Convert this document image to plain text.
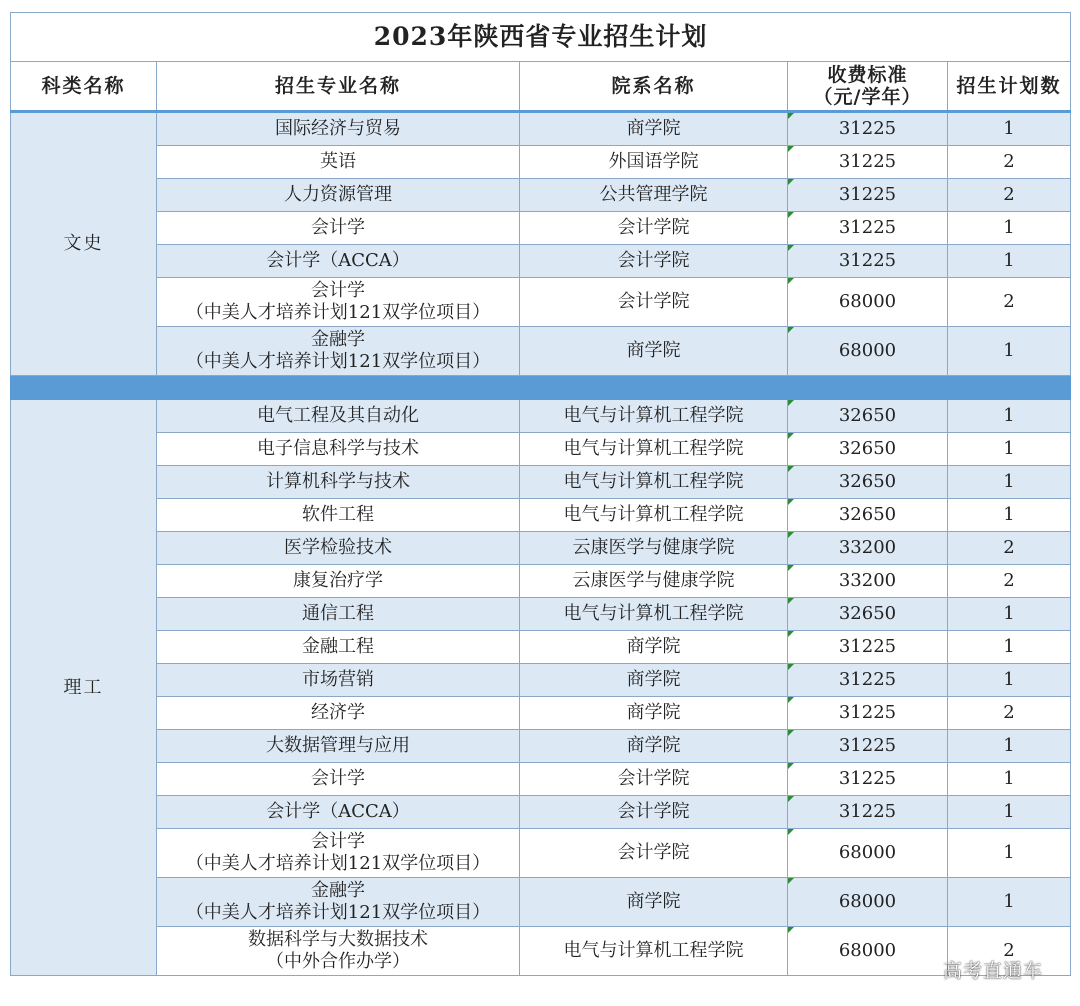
2023年陕西省专业招生计划				
科类名称	招生专业名称	院系名称	收费标准
（元/学年）	招生计划数
文史	国际经济与贸易	商学院	31225	1

	英语	外国语学院	31225	2

	人力资源管理	公共管理学院	31225	2

	会计学	会计学院	31225	1

	会计学（ACCA）	会计学院	31225	1

	会计学
（中美人才培养计划121双学位项目）	会计学院	68000	2

	金融学
（中美人才培养计划121双学位项目）	商学院	68000	1

理工	电气工程及其自动化	电气与计算机工程学院	32650	1

	电子信息科学与技术	电气与计算机工程学院	32650	1

	计算机科学与技术	电气与计算机工程学院	32650	1

	软件工程	电气与计算机工程学院	32650	1

	医学检验技术	云康医学与健康学院	33200	2

	康复治疗学	云康医学与健康学院	33200	2

	通信工程	电气与计算机工程学院	32650	1

	金融工程	商学院	31225	1

	市场营销	商学院	31225	1

	经济学	商学院	31225	2

	大数据管理与应用	商学院	31225	1

	会计学	会计学院	31225	1

	会计学（ACCA）	会计学院	31225	1

	会计学
（中美人才培养计划121双学位项目）	会计学院	68000	1

	金融学
（中美人才培养计划121双学位项目）	商学院	68000	1

	数据科学与大数据技术
（中外合作办学）	电气与计算机工程学院	68000	2
高考直通车
